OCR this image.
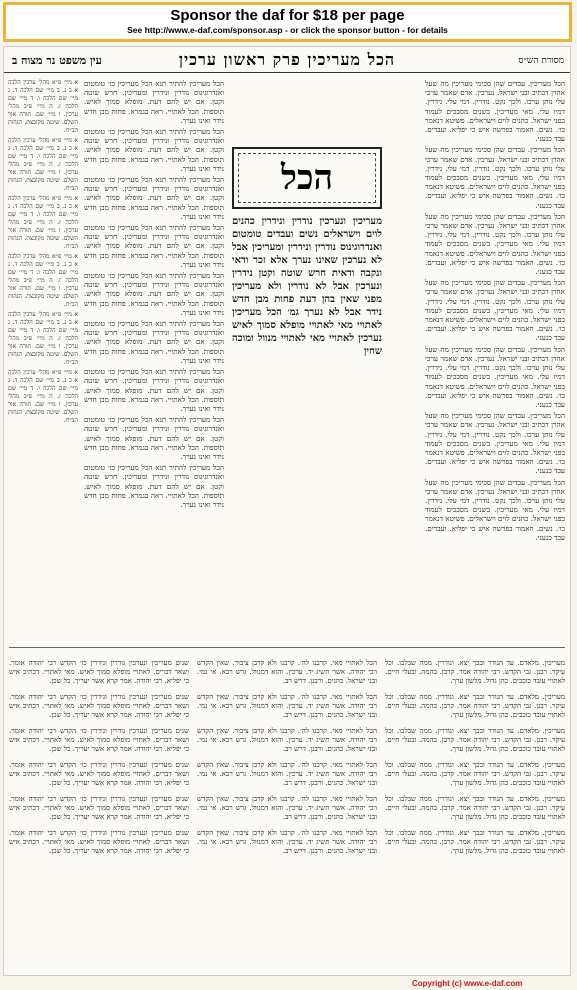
Sponsor the daf for $18 per page
See http://www.e-daf.com/sponsor.asp - or click the sponsor button - for details
מסורת הש״ס
הכל מעריכין פרק ראשון ערכין
עין משפט נר מצוה ב

הכל מעריכין. עבדים שהן סכימי מעריכין מה שעל אהרן דכתיב ובני ישראל. נערכין. אדם שאמר ערכי עלי נותן ערכו. ולכך נקט. נודרין. דמי עלי. נידרין. דמיו עלי. מאי מעריכין. בשנים מסבכים לעמוד בפני ישראל. כהנים לוים וישראלים. פשיטא דנאמר כו׳. נשים. האמור בפרשה איש כי יפליא. ועבדים. עבד כנעני.

הכל מעריכין. עבדים שהן סכימי מעריכין מה שעל אהרן דכתיב ובני ישראל. נערכין. אדם שאמר ערכי עלי נותן ערכו. ולכך נקט. נודרין. דמי עלי. נידרין. דמיו עלי. מאי מעריכין. בשנים מסבכים לעמוד בפני ישראל. כהנים לוים וישראלים. פשיטא דנאמר כו׳. נשים. האמור בפרשה איש כי יפליא. ועבדים. עבד כנעני.

הכל מעריכין. עבדים שהן סכימי מעריכין מה שעל אהרן דכתיב ובני ישראל. נערכין. אדם שאמר ערכי עלי נותן ערכו. ולכך נקט. נודרין. דמי עלי. נידרין. דמיו עלי. מאי מעריכין. בשנים מסבכים לעמוד בפני ישראל. כהנים לוים וישראלים. פשיטא דנאמר כו׳. נשים. האמור בפרשה איש כי יפליא. ועבדים. עבד כנעני.

הכל מעריכין. עבדים שהן סכימי מעריכין מה שעל אהרן דכתיב ובני ישראל. נערכין. אדם שאמר ערכי עלי נותן ערכו. ולכך נקט. נודרין. דמי עלי. נידרין. דמיו עלי. מאי מעריכין. בשנים מסבכים לעמוד בפני ישראל. כהנים לוים וישראלים. פשיטא דנאמר כו׳. נשים. האמור בפרשה איש כי יפליא. ועבדים. עבד כנעני.

הכל מעריכין. עבדים שהן סכימי מעריכין מה שעל אהרן דכתיב ובני ישראל. נערכין. אדם שאמר ערכי עלי נותן ערכו. ולכך נקט. נודרין. דמי עלי. נידרין. דמיו עלי. מאי מעריכין. בשנים מסבכים לעמוד בפני ישראל. כהנים לוים וישראלים. פשיטא דנאמר כו׳. נשים. האמור בפרשה איש כי יפליא. ועבדים. עבד כנעני.

הכל מעריכין. עבדים שהן סכימי מעריכין מה שעל אהרן דכתיב ובני ישראל. נערכין. אדם שאמר ערכי עלי נותן ערכו. ולכך נקט. נודרין. דמי עלי. נידרין. דמיו עלי. מאי מעריכין. בשנים מסבכים לעמוד בפני ישראל. כהנים לוים וישראלים. פשיטא דנאמר כו׳. נשים. האמור בפרשה איש כי יפליא. ועבדים. עבד כנעני.

הכל מעריכין. עבדים שהן סכימי מעריכין מה שעל אהרן דכתיב ובני ישראל. נערכין. אדם שאמר ערכי עלי נותן ערכו. ולכך נקט. נודרין. דמי עלי. נידרין. דמיו עלי. מאי מעריכין. בשנים מסבכים לעמוד בפני ישראל. כהנים לוים וישראלים. פשיטא דנאמר כו׳. נשים. האמור בפרשה איש כי יפליא. ועבדים. עבד כנעני.

הכל

מעריכין ונערכין נודרין ונידרין כהנים לוים וישראלים נשים ועבדים טומטום ואנדרוגינוס נודרין ונידרין ומעריכין אבל לא נערכין שאינו נערך אלא זכר ודאי ונקבה ודאית חרש שוטה וקטן נידרין ונערכין אבל לא נודרין ולא מעריכין מפני שאין בהן דעת פחות מבן חדש נידר אבל לא נערך גמ׳ הכל מעריכין לאתויי מאי לאתויי מופלא סמוך לאיש נערכין לאתויי מאי לאתויי מנוול ומוכה שחין

הכל מעריכין להתיר תנא הכל מעריכין כו׳ טומטום ואנדרוגינוס נודרין ונידרין ומעריכין. חרש שוטה וקטן. אם יש להם דעת. מופלא סמוך לאיש. תוספות. הכל לאתויי. ראה בגמרא. פחות מבן חדש נידר ואינו נערך.

הכל מעריכין להתיר תנא הכל מעריכין כו׳ טומטום ואנדרוגינוס נודרין ונידרין ומעריכין. חרש שוטה וקטן. אם יש להם דעת. מופלא סמוך לאיש. תוספות. הכל לאתויי. ראה בגמרא. פחות מבן חדש נידר ואינו נערך.

הכל מעריכין להתיר תנא הכל מעריכין כו׳ טומטום ואנדרוגינוס נודרין ונידרין ומעריכין. חרש שוטה וקטן. אם יש להם דעת. מופלא סמוך לאיש. תוספות. הכל לאתויי. ראה בגמרא. פחות מבן חדש נידר ואינו נערך.

הכל מעריכין להתיר תנא הכל מעריכין כו׳ טומטום ואנדרוגינוס נודרין ונידרין ומעריכין. חרש שוטה וקטן. אם יש להם דעת. מופלא סמוך לאיש. תוספות. הכל לאתויי. ראה בגמרא. פחות מבן חדש נידר ואינו נערך.

הכל מעריכין להתיר תנא הכל מעריכין כו׳ טומטום ואנדרוגינוס נודרין ונידרין ומעריכין. חרש שוטה וקטן. אם יש להם דעת. מופלא סמוך לאיש. תוספות. הכל לאתויי. ראה בגמרא. פחות מבן חדש נידר ואינו נערך.

הכל מעריכין להתיר תנא הכל מעריכין כו׳ טומטום ואנדרוגינוס נודרין ונידרין ומעריכין. חרש שוטה וקטן. אם יש להם דעת. מופלא סמוך לאיש. תוספות. הכל לאתויי. ראה בגמרא. פחות מבן חדש נידר ואינו נערך.

הכל מעריכין להתיר תנא הכל מעריכין כו׳ טומטום ואנדרוגינוס נודרין ונידרין ומעריכין. חרש שוטה וקטן. אם יש להם דעת. מופלא סמוך לאיש. תוספות. הכל לאתויי. ראה בגמרא. פחות מבן חדש נידר ואינו נערך.

הכל מעריכין להתיר תנא הכל מעריכין כו׳ טומטום ואנדרוגינוס נודרין ונידרין ומעריכין. חרש שוטה וקטן. אם יש להם דעת. מופלא סמוך לאיש. תוספות. הכל לאתויי. ראה בגמרא. פחות מבן חדש נידר ואינו נערך.

הכל מעריכין להתיר תנא הכל מעריכין כו׳ טומטום ואנדרוגינוס נודרין ונידרין ומעריכין. חרש שוטה וקטן. אם יש להם דעת. מופלא סמוך לאיש. תוספות. הכל לאתויי. ראה בגמרא. פחות מבן חדש נידר ואינו נערך.

א מיי׳ פ״א מהל׳ ערכין הלכה א ב ג. ב מיי׳ שם הלכה ד. ג מיי׳ שם הלכה ו. ד מיי׳ שם הלכה ז. ה מיי׳ פ״ב מהל׳ ערכין. ו מיי׳ שם. תורה אור השלם. שיטה מקובצת. הגהות הב״ח.

א מיי׳ פ״א מהל׳ ערכין הלכה א ב ג. ב מיי׳ שם הלכה ד. ג מיי׳ שם הלכה ו. ד מיי׳ שם הלכה ז. ה מיי׳ פ״ב מהל׳ ערכין. ו מיי׳ שם. תורה אור השלם. שיטה מקובצת. הגהות הב״ח.

א מיי׳ פ״א מהל׳ ערכין הלכה א ב ג. ב מיי׳ שם הלכה ד. ג מיי׳ שם הלכה ו. ד מיי׳ שם הלכה ז. ה מיי׳ פ״ב מהל׳ ערכין. ו מיי׳ שם. תורה אור השלם. שיטה מקובצת. הגהות הב״ח.

א מיי׳ פ״א מהל׳ ערכין הלכה א ב ג. ב מיי׳ שם הלכה ד. ג מיי׳ שם הלכה ו. ד מיי׳ שם הלכה ז. ה מיי׳ פ״ב מהל׳ ערכין. ו מיי׳ שם. תורה אור השלם. שיטה מקובצת. הגהות הב״ח.

א מיי׳ פ״א מהל׳ ערכין הלכה א ב ג. ב מיי׳ שם הלכה ד. ג מיי׳ שם הלכה ו. ד מיי׳ שם הלכה ז. ה מיי׳ פ״ב מהל׳ ערכין. ו מיי׳ שם. תורה אור השלם. שיטה מקובצת. הגהות הב״ח.

א מיי׳ פ״א מהל׳ ערכין הלכה א ב ג. ב מיי׳ שם הלכה ד. ג מיי׳ שם הלכה ו. ד מיי׳ שם הלכה ז. ה מיי׳ פ״ב מהל׳ ערכין. ו מיי׳ שם. תורה אור השלם. שיטה מקובצת. הגהות הב״ח.

מעריכין. מלאדם. עד הנודר ובכך יצא. ונודרין. ממה שבלבו. וכל עיקר. רבנן. גבי הקדש. רבי יהודה אמר. קרבן. בהמה. ובעלי חיים. לאתויי עובד כוכבים. כהן גדול. מלשון ערך.

מעריכין. מלאדם. עד הנודר ובכך יצא. ונודרין. ממה שבלבו. וכל עיקר. רבנן. גבי הקדש. רבי יהודה אמר. קרבן. בהמה. ובעלי חיים. לאתויי עובד כוכבים. כהן גדול. מלשון ערך.

מעריכין. מלאדם. עד הנודר ובכך יצא. ונודרין. ממה שבלבו. וכל עיקר. רבנן. גבי הקדש. רבי יהודה אמר. קרבן. בהמה. ובעלי חיים. לאתויי עובד כוכבים. כהן גדול. מלשון ערך.

מעריכין. מלאדם. עד הנודר ובכך יצא. ונודרין. ממה שבלבו. וכל עיקר. רבנן. גבי הקדש. רבי יהודה אמר. קרבן. בהמה. ובעלי חיים. לאתויי עובד כוכבים. כהן גדול. מלשון ערך.

מעריכין. מלאדם. עד הנודר ובכך יצא. ונודרין. ממה שבלבו. וכל עיקר. רבנן. גבי הקדש. רבי יהודה אמר. קרבן. בהמה. ובעלי חיים. לאתויי עובד כוכבים. כהן גדול. מלשון ערך.

מעריכין. מלאדם. עד הנודר ובכך יצא. ונודרין. ממה שבלבו. וכל עיקר. רבנן. גבי הקדש. רבי יהודה אמר. קרבן. בהמה. ובעלי חיים. לאתויי עובד כוכבים. כהן גדול. מלשון ערך.

הכל לאתויי מאי. קרבנו לה׳. קרבנו ולא קרבן ציבור. שאין הקדש רבי יהודה. אשר תשיג יד. ערכין. והוא דמנוול. גרש רבא. אי נמי. ובני ישראל. כהנים. ורבנן. דרש רב.

הכל לאתויי מאי. קרבנו לה׳. קרבנו ולא קרבן ציבור. שאין הקדש רבי יהודה. אשר תשיג יד. ערכין. והוא דמנוול. גרש רבא. אי נמי. ובני ישראל. כהנים. ורבנן. דרש רב.

הכל לאתויי מאי. קרבנו לה׳. קרבנו ולא קרבן ציבור. שאין הקדש רבי יהודה. אשר תשיג יד. ערכין. והוא דמנוול. גרש רבא. אי נמי. ובני ישראל. כהנים. ורבנן. דרש רב.

הכל לאתויי מאי. קרבנו לה׳. קרבנו ולא קרבן ציבור. שאין הקדש רבי יהודה. אשר תשיג יד. ערכין. והוא דמנוול. גרש רבא. אי נמי. ובני ישראל. כהנים. ורבנן. דרש רב.

הכל לאתויי מאי. קרבנו לה׳. קרבנו ולא קרבן ציבור. שאין הקדש רבי יהודה. אשר תשיג יד. ערכין. והוא דמנוול. גרש רבא. אי נמי. ובני ישראל. כהנים. ורבנן. דרש רב.

הכל לאתויי מאי. קרבנו לה׳. קרבנו ולא קרבן ציבור. שאין הקדש רבי יהודה. אשר תשיג יד. ערכין. והוא דמנוול. גרש רבא. אי נמי. ובני ישראל. כהנים. ורבנן. דרש רב.

שנים מעריכין ונערכין נודרין ונידרין כו׳ הקדש רבי יהודה אומר. ושאר דברים. לאתויי מופלא סמוך לאיש. מאי לאתויי. דכתיב איש כי יפליא. רבי יהודה. אמר קרא אשר יעריך. כל שכן.

שנים מעריכין ונערכין נודרין ונידרין כו׳ הקדש רבי יהודה אומר. ושאר דברים. לאתויי מופלא סמוך לאיש. מאי לאתויי. דכתיב איש כי יפליא. רבי יהודה. אמר קרא אשר יעריך. כל שכן.

שנים מעריכין ונערכין נודרין ונידרין כו׳ הקדש רבי יהודה אומר. ושאר דברים. לאתויי מופלא סמוך לאיש. מאי לאתויי. דכתיב איש כי יפליא. רבי יהודה. אמר קרא אשר יעריך. כל שכן.

שנים מעריכין ונערכין נודרין ונידרין כו׳ הקדש רבי יהודה אומר. ושאר דברים. לאתויי מופלא סמוך לאיש. מאי לאתויי. דכתיב איש כי יפליא. רבי יהודה. אמר קרא אשר יעריך. כל שכן.

שנים מעריכין ונערכין נודרין ונידרין כו׳ הקדש רבי יהודה אומר. ושאר דברים. לאתויי מופלא סמוך לאיש. מאי לאתויי. דכתיב איש כי יפליא. רבי יהודה. אמר קרא אשר יעריך. כל שכן.

שנים מעריכין ונערכין נודרין ונידרין כו׳ הקדש רבי יהודה אומר. ושאר דברים. לאתויי מופלא סמוך לאיש. מאי לאתויי. דכתיב איש כי יפליא. רבי יהודה. אמר קרא אשר יעריך. כל שכן.

Copyright (c) www.e-daf.com
